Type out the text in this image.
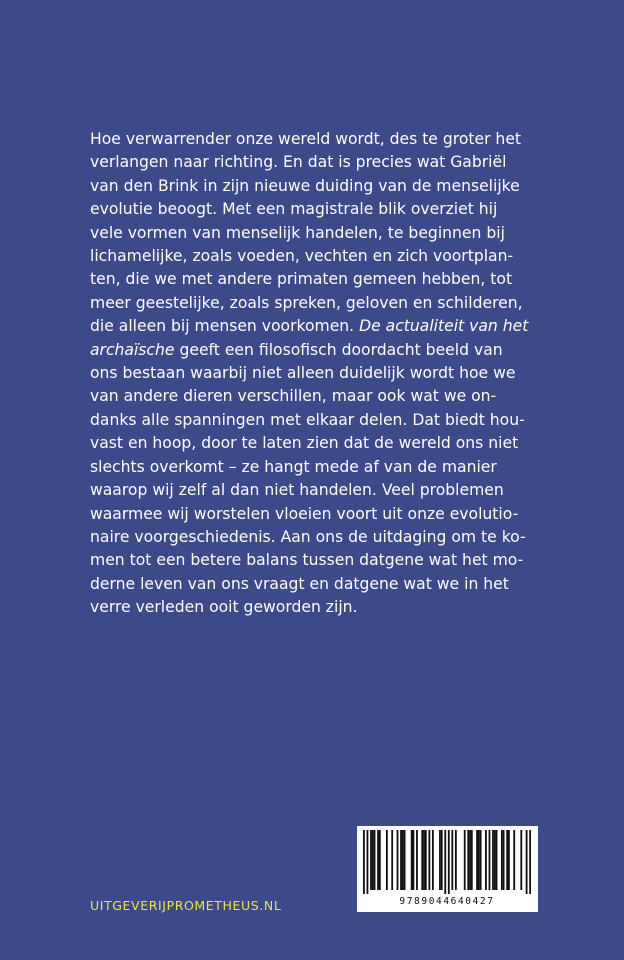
Hoe verwarrender onze wereld wordt, des te groter het
verlangen naar richting. En dat is precies wat Gabriël
van den Brink in zijn nieuwe duiding van de menselijke
evolutie beoogt. Met een magistrale blik overziet hij
vele vormen van menselijk handelen, te beginnen bij
lichamelijke, zoals voeden, vechten en zich voortplan-
ten, die we met andere primaten gemeen hebben, tot
meer geestelijke, zoals spreken, geloven en schilderen,
die alleen bij mensen voorkomen. De actualiteit van het
archaïsche geeft een filosofisch doordacht beeld van
ons bestaan waarbij niet alleen duidelijk wordt hoe we
van andere dieren verschillen, maar ook wat we on-
danks alle spanningen met elkaar delen. Dat biedt hou-
vast en hoop, door te laten zien dat de wereld ons niet
slechts overkomt – ze hangt mede af van de manier
waarop wij zelf al dan niet handelen. Veel problemen
waarmee wij worstelen vloeien voort uit onze evolutio-
naire voorgeschiedenis. Aan ons de uitdaging om te ko-
men tot een betere balans tussen datgene wat het mo-
derne leven van ons vraagt en datgene wat we in het
verre verleden ooit geworden zijn.
9789044640427
UITGEVERIJPROMETHEUS.NL
